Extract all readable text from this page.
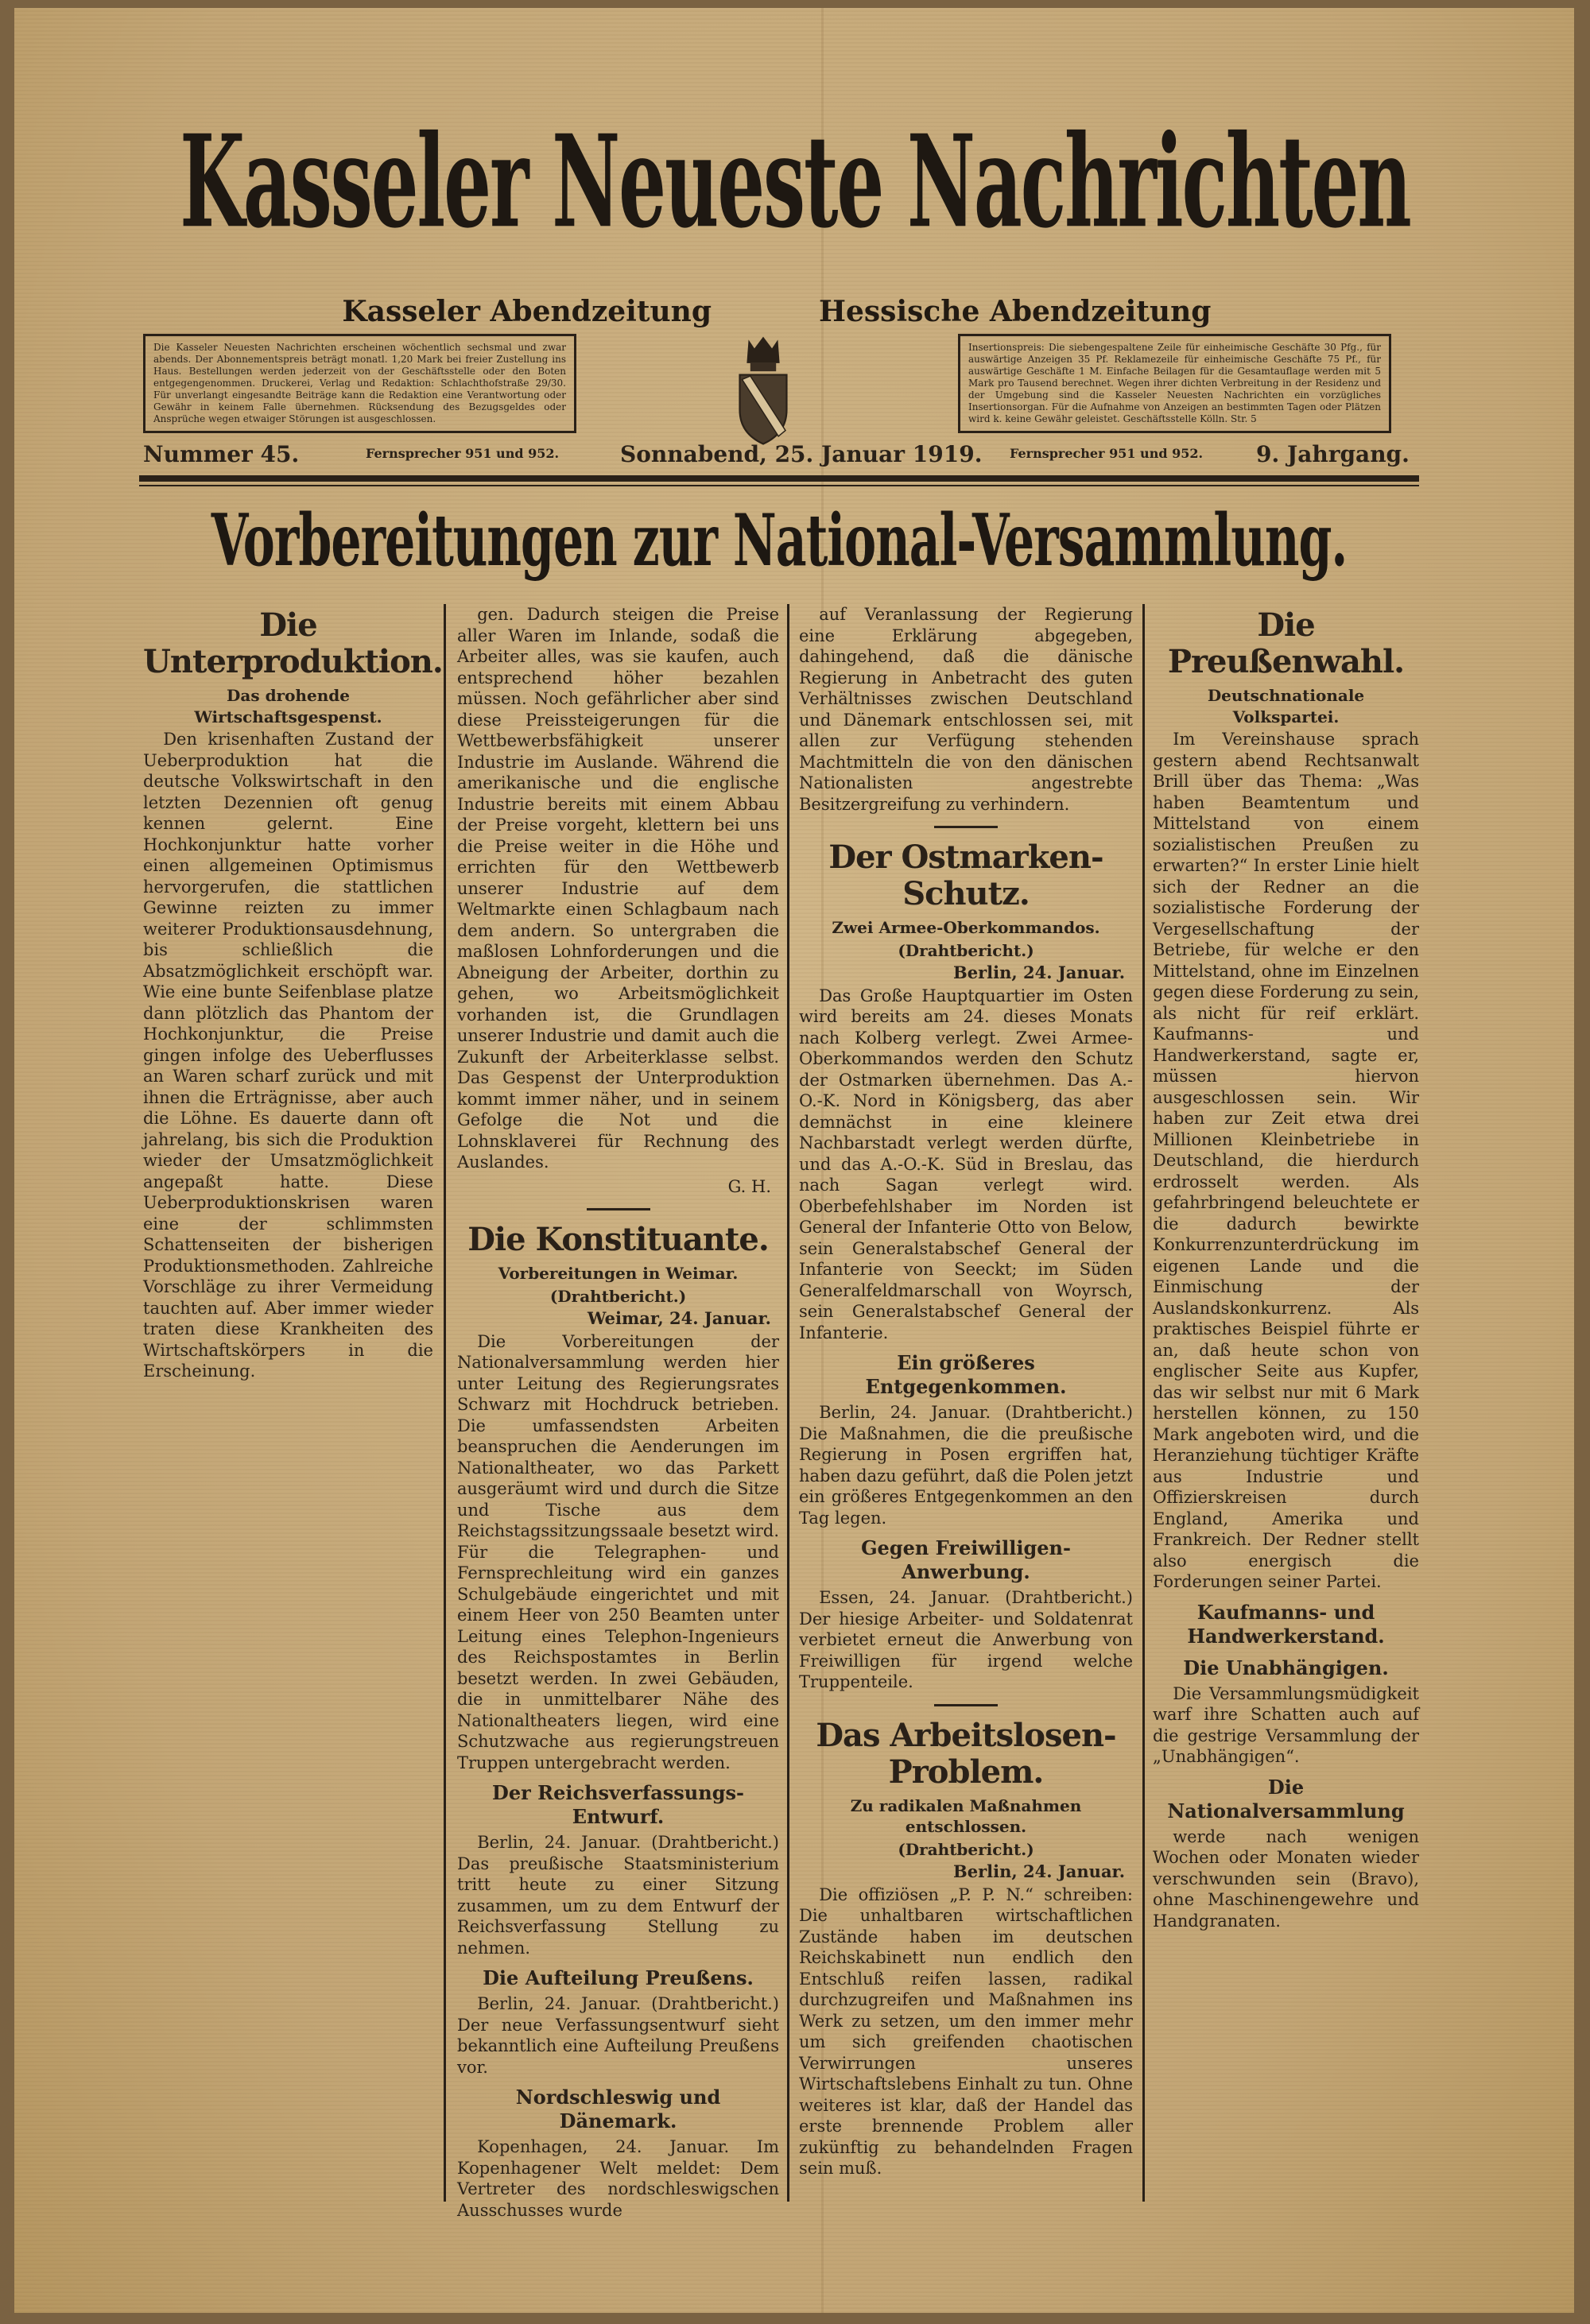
Kasseler Neueste Nachrichten
Kasseler Abendzeitung	Hessische Abendzeitung
Die Kasseler Neuesten Nachrichten erscheinen wöchentlich sechsmal und zwar abends. Der Abonnementspreis beträgt monatl. 1,20 Mark bei freier Zustellung ins Haus. Bestellungen werden jederzeit von der Geschäftsstelle oder den Boten entgegengenommen. Druckerei, Verlag und Redaktion: Schlachthofstraße 29/30. Für unverlangt eingesandte Beiträge kann die Redaktion eine Verantwortung oder Gewähr in keinem Falle übernehmen. Rücksendung des Bezugsgeldes oder Ansprüche wegen etwaiger Störungen ist ausgeschlossen.
Insertionspreis: Die siebengespaltene Zeile für einheimische Geschäfte 30 Pfg., für auswärtige Anzeigen 35 Pf. Reklamezeile für einheimische Geschäfte 75 Pf., für auswärtige Geschäfte 1 M. Einfache Beilagen für die Gesamtauflage werden mit 5 Mark pro Tausend berechnet. Wegen ihrer dichten Verbreitung in der Residenz und der Umgebung sind die Kasseler Neuesten Nachrichten ein vorzügliches Insertionsorgan. Für die Aufnahme von Anzeigen an bestimmten Tagen oder Plätzen wird k. keine Gewähr geleistet. Geschäftsstelle Kölln. Str. 5
Nummer 45.	Fernsprecher 951 und 952.	Sonnabend, 25. Januar 1919. Fernsprecher 951 und 952. 9. Jahrgang.
Vorbereitungen zur National-Versammlung.
Die Unterproduktion.
Das drohende Wirtschaftsgespenst.

Den krisenhaften Zustand der Ueberproduktion hat die deutsche Volkswirtschaft in den letzten Dezennien oft genug kennen gelernt. Eine Hochkonjunktur hatte vorher einen allgemeinen Optimismus hervorgerufen, die stattlichen Gewinne reizten zu immer weiterer Produktionsausdehnung, bis schließlich die Absatzmöglichkeit erschöpft war. Wie eine bunte Seifenblase platze dann plötzlich das Phantom der Hochkonjunktur, die Preise gingen infolge des Ueberflusses an Waren scharf zurück und mit ihnen die Erträgnisse, aber auch die Löhne. Es dauerte dann oft jahrelang, bis sich die Produktion wieder der Umsatzmöglichkeit angepaßt hatte. Diese Ueberproduktionskrisen waren eine der schlimmsten Schattenseiten der bisherigen Produktionsmethoden. Zahlreiche Vorschläge zu ihrer Vermeidung tauchten auf. Aber immer wieder traten diese Krankheiten des Wirtschaftskörpers in die Erscheinung.

gen. Dadurch steigen die Preise aller Waren im Inlande, sodaß die Arbeiter alles, was sie kaufen, auch entsprechend höher bezahlen müssen. Noch gefährlicher aber sind diese Preissteigerungen für die Wettbewerbsfähigkeit unserer Industrie im Auslande. Während die amerikanische und die englische Industrie bereits mit einem Abbau der Preise vorgeht, klettern bei uns die Preise weiter in die Höhe und errichten für den Wettbewerb unserer Industrie auf dem Weltmarkte einen Schlagbaum nach dem andern. So untergraben die maßlosen Lohnforderungen und die Abneigung der Arbeiter, dorthin zu gehen, wo Arbeitsmöglichkeit vorhanden ist, die Grundlagen unserer Industrie und damit auch die Zukunft der Arbeiterklasse selbst. Das Gespenst der Unterproduktion kommt immer näher, und in seinem Gefolge die Not und die Lohnsklaverei für Rechnung des Auslandes.

G. H.
Die Konstituante.
Vorbereitungen in Weimar.
(Drahtbericht.)
Weimar, 24. Januar.

Die Vorbereitungen der Nationalversammlung werden hier unter Leitung des Regierungsrates Schwarz mit Hochdruck betrieben. Die umfassendsten Arbeiten beanspruchen die Aenderungen im Nationaltheater, wo das Parkett ausgeräumt wird und durch die Sitze und Tische aus dem Reichstagssitzungssaale besetzt wird. Für die Telegraphen- und Fernsprechleitung wird ein ganzes Schulgebäude eingerichtet und mit einem Heer von 250 Beamten unter Leitung eines Telephon-Ingenieurs des Reichspostamtes in Berlin besetzt werden. In zwei Gebäuden, die in unmittelbarer Nähe des Nationaltheaters liegen, wird eine Schutzwache aus regierungstreuen Truppen untergebracht werden.

Der Reichsverfassungs-Entwurf.

Berlin, 24. Januar. (Drahtbericht.) Das preußische Staatsministerium tritt heute zu einer Sitzung zusammen, um zu dem Entwurf der Reichsverfassung Stellung zu nehmen.

Die Aufteilung Preußens.

Berlin, 24. Januar. (Drahtbericht.) Der neue Verfassungsentwurf sieht bekanntlich eine Aufteilung Preußens vor.

Nordschleswig und Dänemark.

Kopenhagen, 24. Januar. Im Kopenhagener Welt meldet: Dem Vertreter des nordschleswigschen Ausschusses wurde

auf Veranlassung der Regierung eine Erklärung abgegeben, dahingehend, daß die dänische Regierung in Anbetracht des guten Verhältnisses zwischen Deutschland und Dänemark entschlossen sei, mit allen zur Verfügung stehenden Machtmitteln die von den dänischen Nationalisten angestrebte Besitzergreifung zu verhindern.

Der Ostmarken-Schutz.
Zwei Armee-Oberkommandos.
(Drahtbericht.)
Berlin, 24. Januar.

Das Große Hauptquartier im Osten wird bereits am 24. dieses Monats nach Kolberg verlegt. Zwei Armee-Oberkommandos werden den Schutz der Ostmarken übernehmen. Das A.-O.-K. Nord in Königsberg, das aber demnächst in eine kleinere Nachbarstadt verlegt werden dürfte, und das A.-O.-K. Süd in Breslau, das nach Sagan verlegt wird. Oberbefehlshaber im Norden ist General der Infanterie Otto von Below, sein Generalstabschef General der Infanterie von Seeckt; im Süden Generalfeldmarschall von Woyrsch, sein Generalstabschef General der Infanterie.

Ein größeres Entgegenkommen.

Berlin, 24. Januar. (Drahtbericht.) Die Maßnahmen, die die preußische Regierung in Posen ergriffen hat, haben dazu geführt, daß die Polen jetzt ein größeres Entgegenkommen an den Tag legen.

Gegen Freiwilligen-Anwerbung.

Essen, 24. Januar. (Drahtbericht.) Der hiesige Arbeiter- und Soldatenrat verbietet erneut die Anwerbung von Freiwilligen für irgend welche Truppenteile.

Das Arbeitslosen-Problem.
Zu radikalen Maßnahmen entschlossen.
(Drahtbericht.)
Berlin, 24. Januar.

Die offiziösen „P. P. N.“ schreiben: Die unhaltbaren wirtschaftlichen Zustände haben im deutschen Reichskabinett nun endlich den Entschluß reifen lassen, radikal durchzugreifen und Maßnahmen ins Werk zu setzen, um den immer mehr um sich greifenden chaotischen Verwirrungen unseres Wirtschaftslebens Einhalt zu tun. Ohne weiteres ist klar, daß der Handel das erste brennende Problem aller zukünftig zu behandelnden Fragen sein muß.

Die Preußenwahl.
Deutschnationale Volkspartei.

Im Vereinshause sprach gestern abend Rechtsanwalt Brill über das Thema: „Was haben Beamtentum und Mittelstand von einem sozialistischen Preußen zu erwarten?“ In erster Linie hielt sich der Redner an die sozialistische Forderung der Vergesellschaftung der Betriebe, für welche er den Mittelstand, ohne im Einzelnen gegen diese Forderung zu sein, als nicht für reif erklärt. Kaufmanns- und Handwerkerstand, sagte er, müssen hiervon ausgeschlossen sein. Wir haben zur Zeit etwa drei Millionen Kleinbetriebe in Deutschland, die hierdurch erdrosselt werden. Als gefahrbringend beleuchtete er die dadurch bewirkte Konkurrenzunterdrückung im eigenen Lande und die Einmischung der Auslandskonkurrenz. Als praktisches Beispiel führte er an, daß heute schon von englischer Seite aus Kupfer, das wir selbst nur mit 6 Mark herstellen können, zu 150 Mark angeboten wird, und die Heranziehung tüchtiger Kräfte aus Industrie und Offizierskreisen durch England, Amerika und Frankreich. Der Redner stellt also energisch die Forderungen seiner Partei.

Kaufmanns- und Handwerkerstand.
Die Unabhängigen.

Die Versammlungsmüdigkeit warf ihre Schatten auch auf die gestrige Versammlung der „Unabhängigen“.

Die Nationalversammlung

werde nach wenigen Wochen oder Monaten wieder verschwunden sein (Bravo), ohne Maschinengewehre und Handgranaten.
